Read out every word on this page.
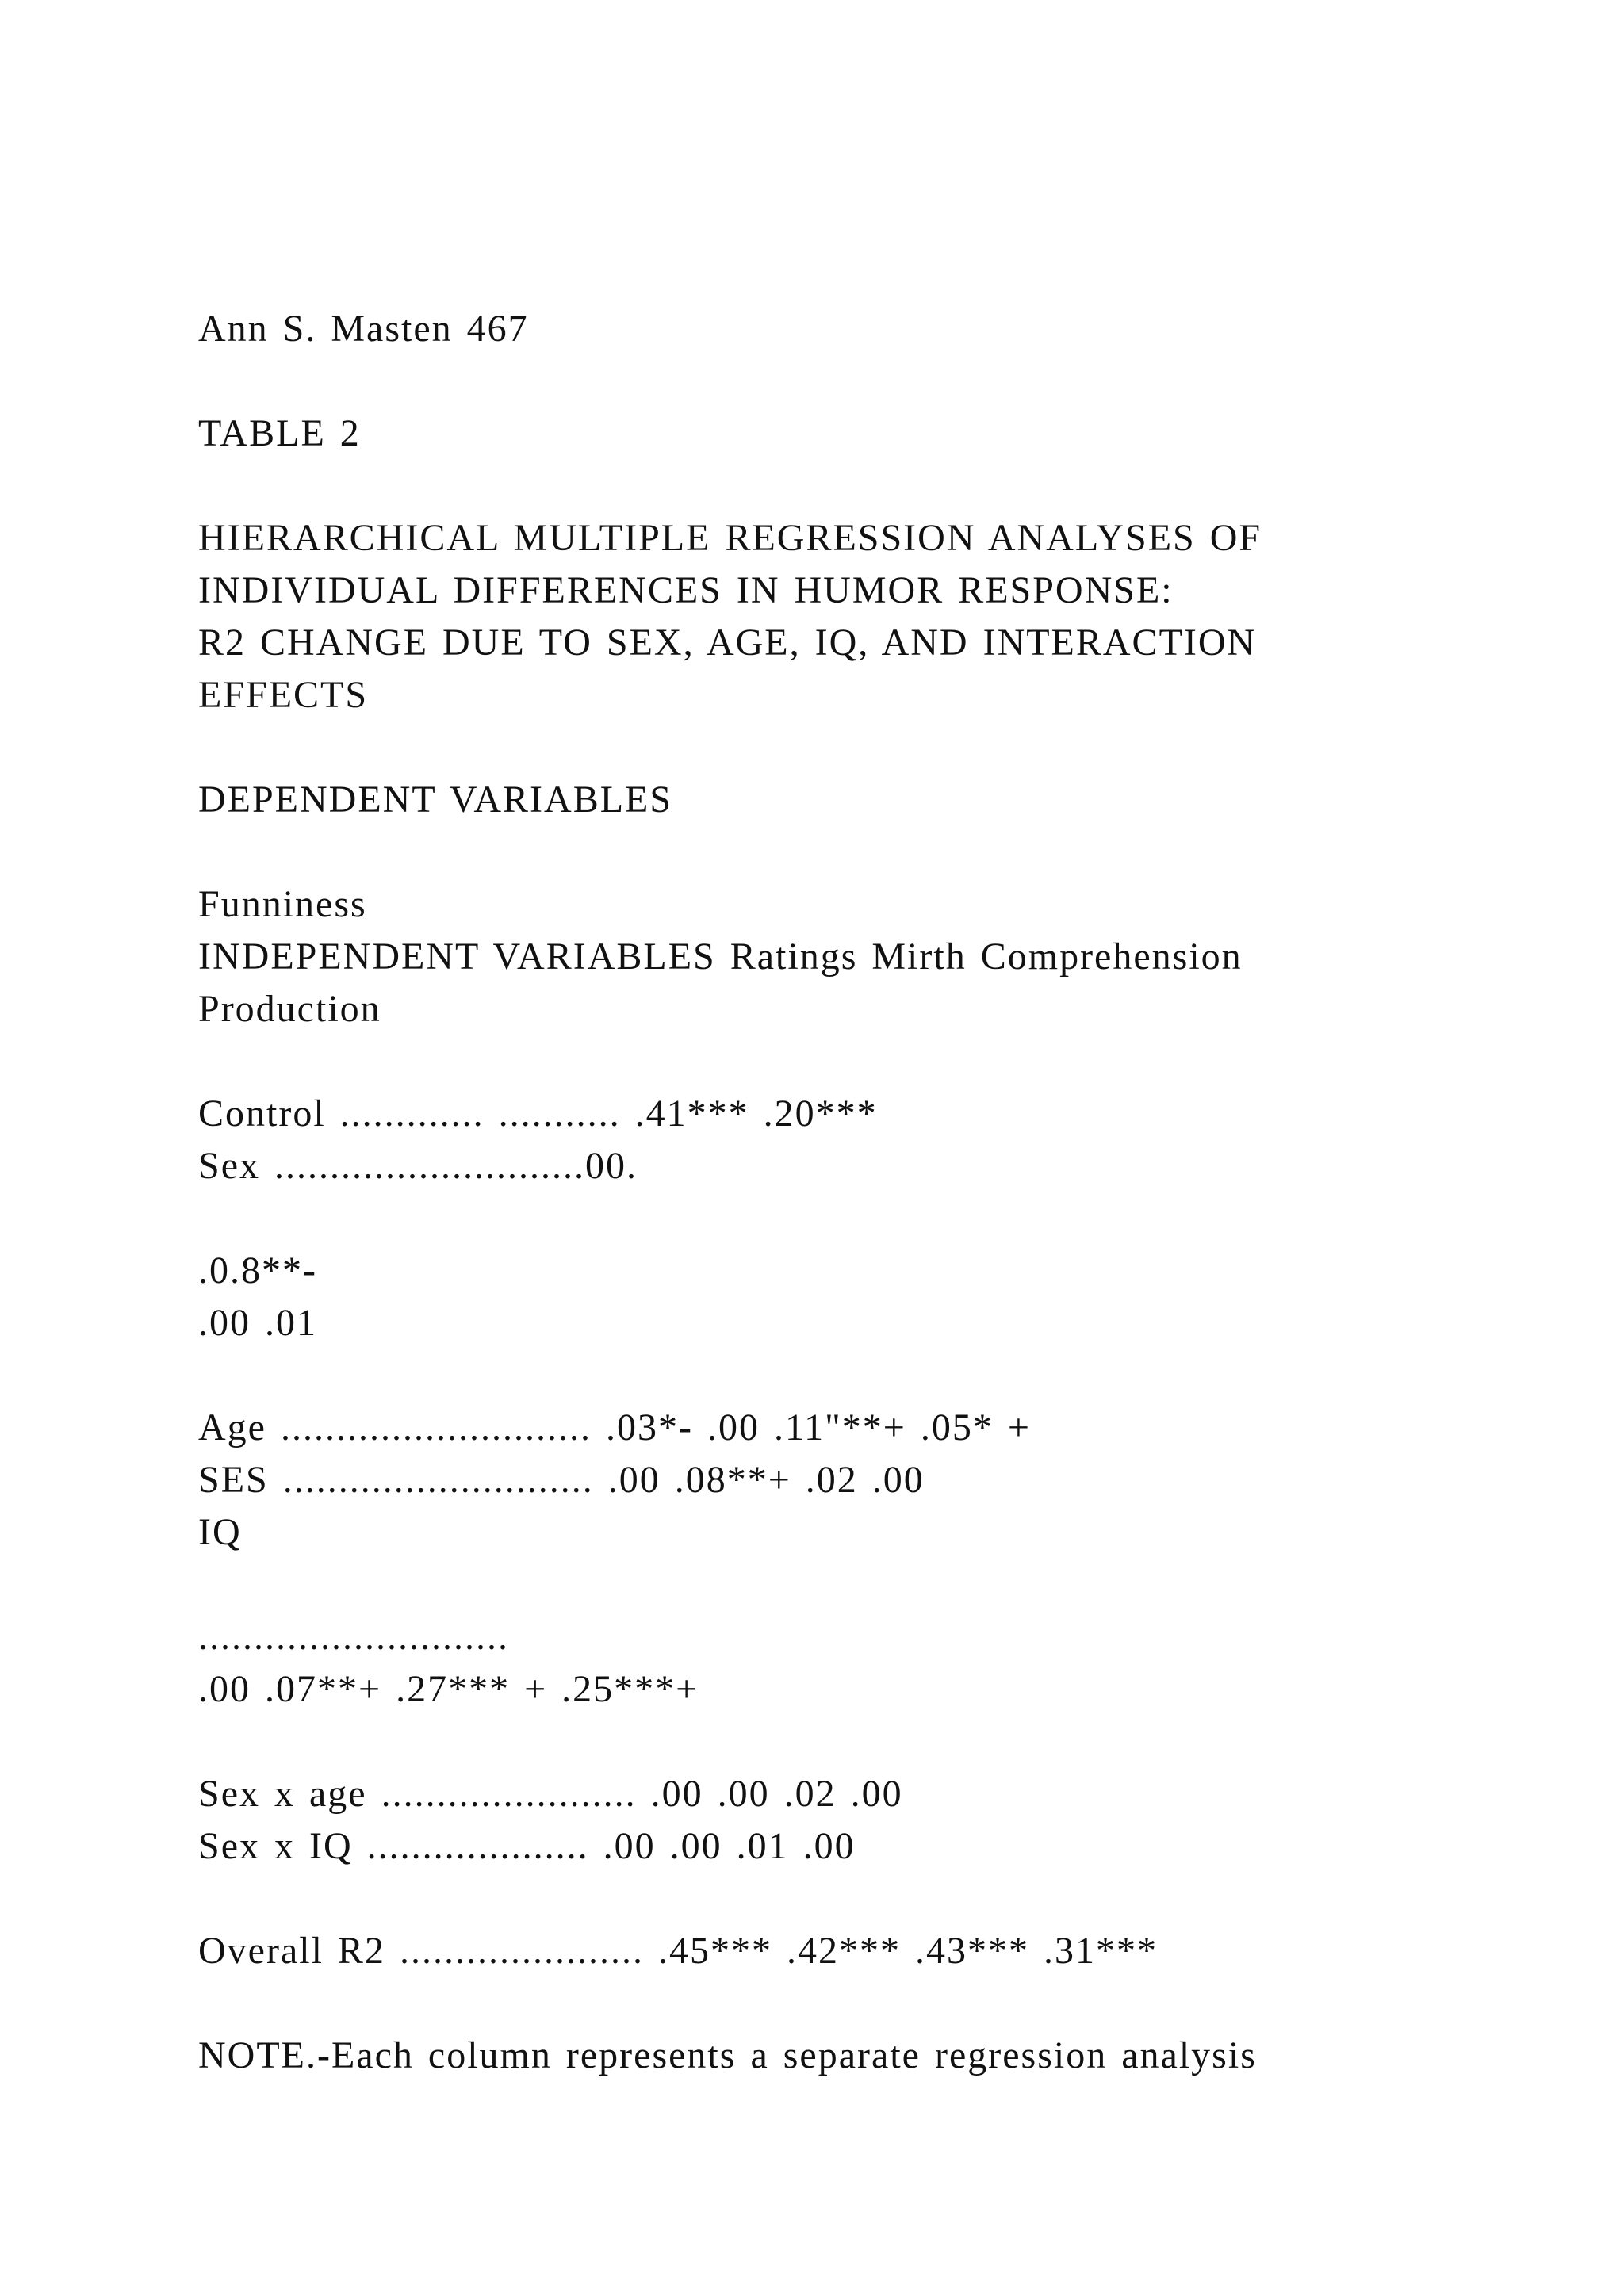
Ann S. Masten 467
TABLE 2
HIERARCHICAL MULTIPLE REGRESSION ANALYSES OF
INDIVIDUAL DIFFERENCES IN HUMOR RESPONSE:
R2 CHANGE DUE TO SEX, AGE, IQ, AND INTERACTION
EFFECTS
DEPENDENT VARIABLES
Funniness
INDEPENDENT VARIABLES Ratings Mirth Comprehension
Production
Control ............. ........... .41*** .20***
Sex ............................00.
.0.8**-
.00 .01
Age ............................ .03*- .00 .11"**+ .05* +
SES ............................ .00 .08**+ .02 .00
IQ
............................
.00 .07**+ .27*** + .25***+
Sex x age ....................... .00 .00 .02 .00
Sex x IQ .................... .00 .00 .01 .00
Overall R2 ...................... .45*** .42*** .43*** .31***
NOTE.-Each column represents a separate regression analysis
